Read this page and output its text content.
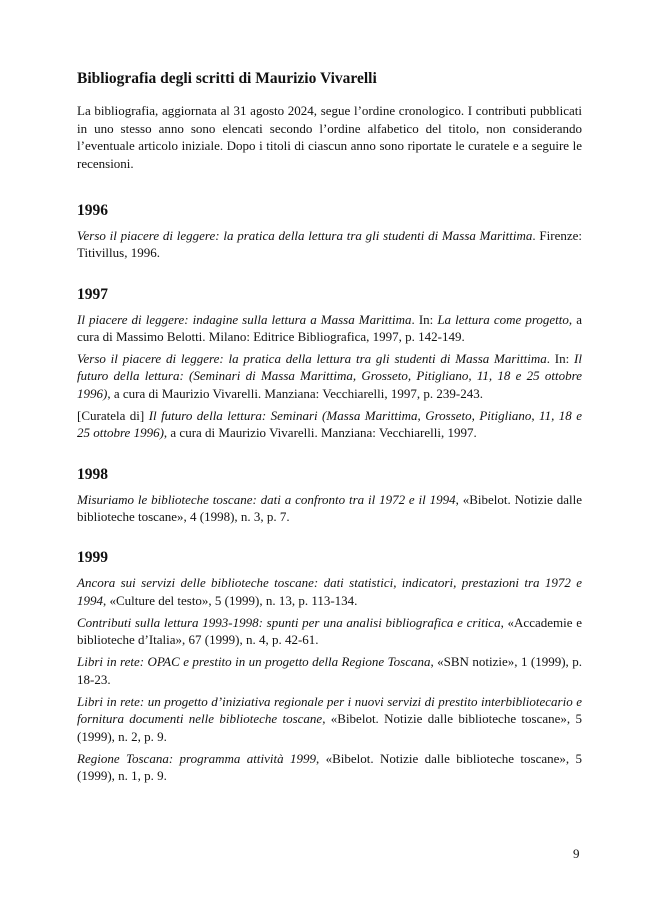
Bibliografia degli scritti di Maurizio Vivarelli
La bibliografia, aggiornata al 31 agosto 2024, segue l’ordine cronologico. I contributi pubblicati in uno stesso anno sono elencati secondo l’ordine alfabetico del titolo, non considerando l’eventuale articolo iniziale. Dopo i titoli di ciascun anno sono riportate le curatele e a seguire le recensioni.
1996
Verso il piacere di leggere: la pratica della lettura tra gli studenti di Massa Marittima. Firenze: Titivillus, 1996.
1997
Il piacere di leggere: indagine sulla lettura a Massa Marittima. In: La lettura come progetto, a cura di Massimo Belotti. Milano: Editrice Bibliografica, 1997, p. 142-149.
Verso il piacere di leggere: la pratica della lettura tra gli studenti di Massa Marittima. In: Il futuro della lettura: (Seminari di Massa Marittima, Grosseto, Pitigliano, 11, 18 e 25 ottobre 1996), a cura di Maurizio Vivarelli. Manziana: Vecchiarelli, 1997, p. 239-243.
[Curatela di] Il futuro della lettura: Seminari (Massa Marittima, Grosseto, Pitigliano, 11, 18 e 25 ottobre 1996), a cura di Maurizio Vivarelli. Manziana: Vecchiarelli, 1997.
1998
Misuriamo le biblioteche toscane: dati a confronto tra il 1972 e il 1994, «Bibelot. Notizie dalle biblioteche toscane», 4 (1998), n. 3, p. 7.
1999
Ancora sui servizi delle biblioteche toscane: dati statistici, indicatori, prestazioni tra 1972 e 1994, «Culture del testo», 5 (1999), n. 13, p. 113-134.
Contributi sulla lettura 1993-1998: spunti per una analisi bibliografica e critica, «Accademie e biblioteche d’Italia», 67 (1999), n. 4, p. 42-61.
Libri in rete: OPAC e prestito in un progetto della Regione Toscana, «SBN notizie», 1 (1999), p. 18-23.
Libri in rete: un progetto d’iniziativa regionale per i nuovi servizi di prestito interbibliotecario e fornitura documenti nelle biblioteche toscane, «Bibelot. Notizie dalle biblioteche toscane», 5 (1999), n. 2, p. 9.
Regione Toscana: programma attività 1999, «Bibelot. Notizie dalle biblioteche toscane», 5 (1999), n. 1, p. 9.
9
